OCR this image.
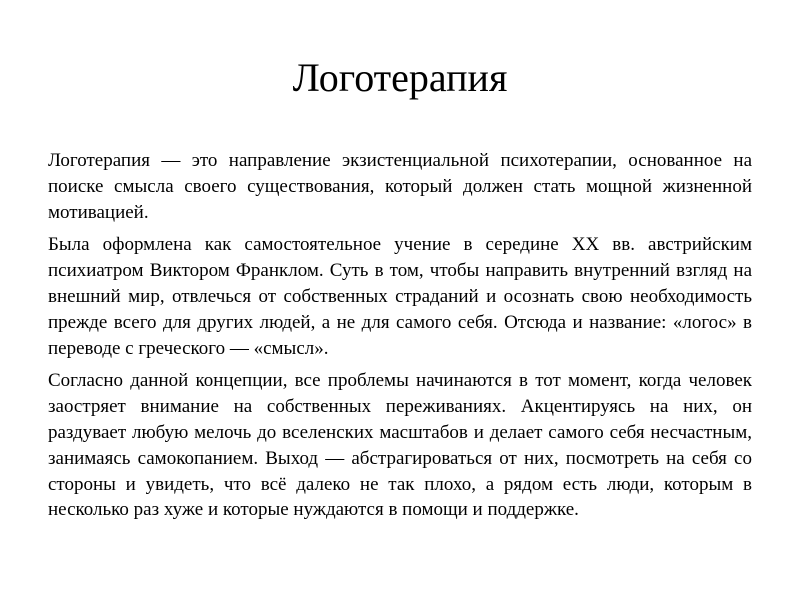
Логотерапия

Логотерапия — это направление экзистенциальной психотерапии, основанное на поиске смысла своего существования, который должен стать мощной жизненной мотивацией.

Была оформлена как самостоятельное учение в середине XX вв. австрийским психиатром Виктором Франклом. Суть в том, чтобы направить внутренний взгляд на внешний мир, отвлечься от собственных страданий и осознать свою необходимость прежде всего для других людей, а не для самого себя. Отсюда и название: «логос» в переводе с греческого — «смысл».

Согласно данной концепции, все проблемы начинаются в тот момент, когда человек заостряет внимание на собственных переживаниях. Акцентируясь на них, он раздувает любую мелочь до вселенских масштабов и делает самого себя несчастным, занимаясь самокопанием. Выход — абстрагироваться от них, посмотреть на себя со стороны и увидеть, что всё далеко не так плохо, а рядом есть люди, которым в несколько раз хуже и которые нуждаются в помощи и поддержке.
